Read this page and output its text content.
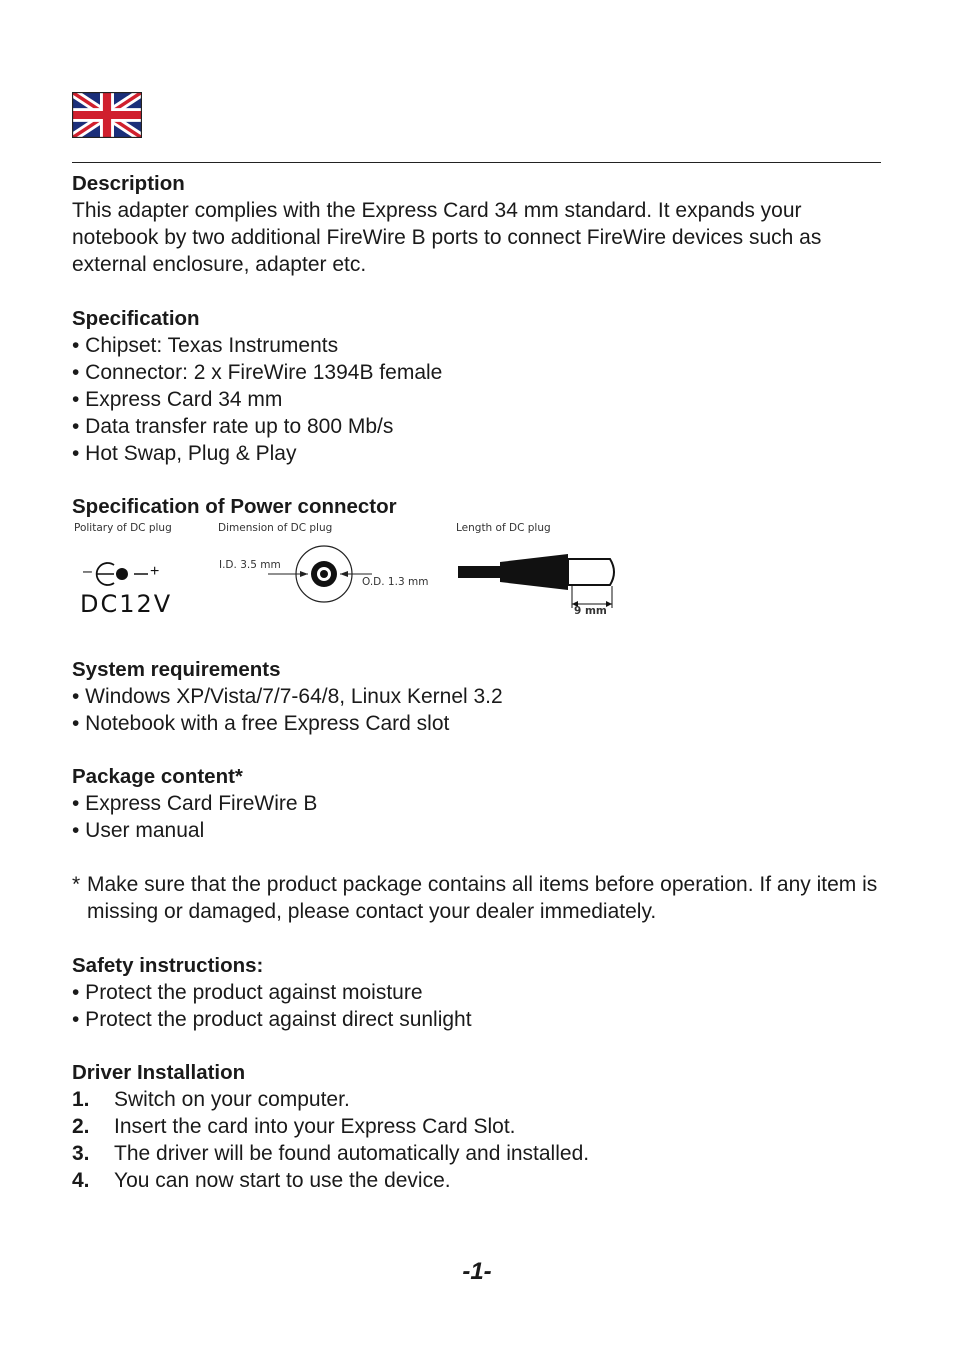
Description
This adapter complies with the Express Card 34 mm standard. It expands your notebook by two additional FireWire B ports to connect FireWire devices such as external enclosure, adapter etc.
Specification
• Chipset: Texas Instruments
• Connector: 2 x FireWire 1394B female
• Express Card 34 mm
• Data transfer rate up to 800 Mb/s
• Hot Swap, Plug & Play
Specification of Power connector
Politary of DC plug	Dimension of DC plug	Length of DC plug
–	+
DC12V
I.D. 3.5 mm
O.D. 1.3 mm
9 mm
System requirements
• Windows XP/Vista/7/7-64/8, Linux Kernel 3.2
• Notebook with a free Express Card slot
Package content*
• Express Card FireWire B
• User manual
* Make sure that the product package contains all items before operation. If any item is missing or damaged, please contact your dealer immediately.
Safety instructions:
• Protect the product against moisture
• Protect the product against direct sunlight
Driver Installation
1.	Switch on your computer.
2.	Insert the card into your Express Card Slot.
3.	The driver will be found automatically and installed.
4.	You can now start to use the device.
-1-
